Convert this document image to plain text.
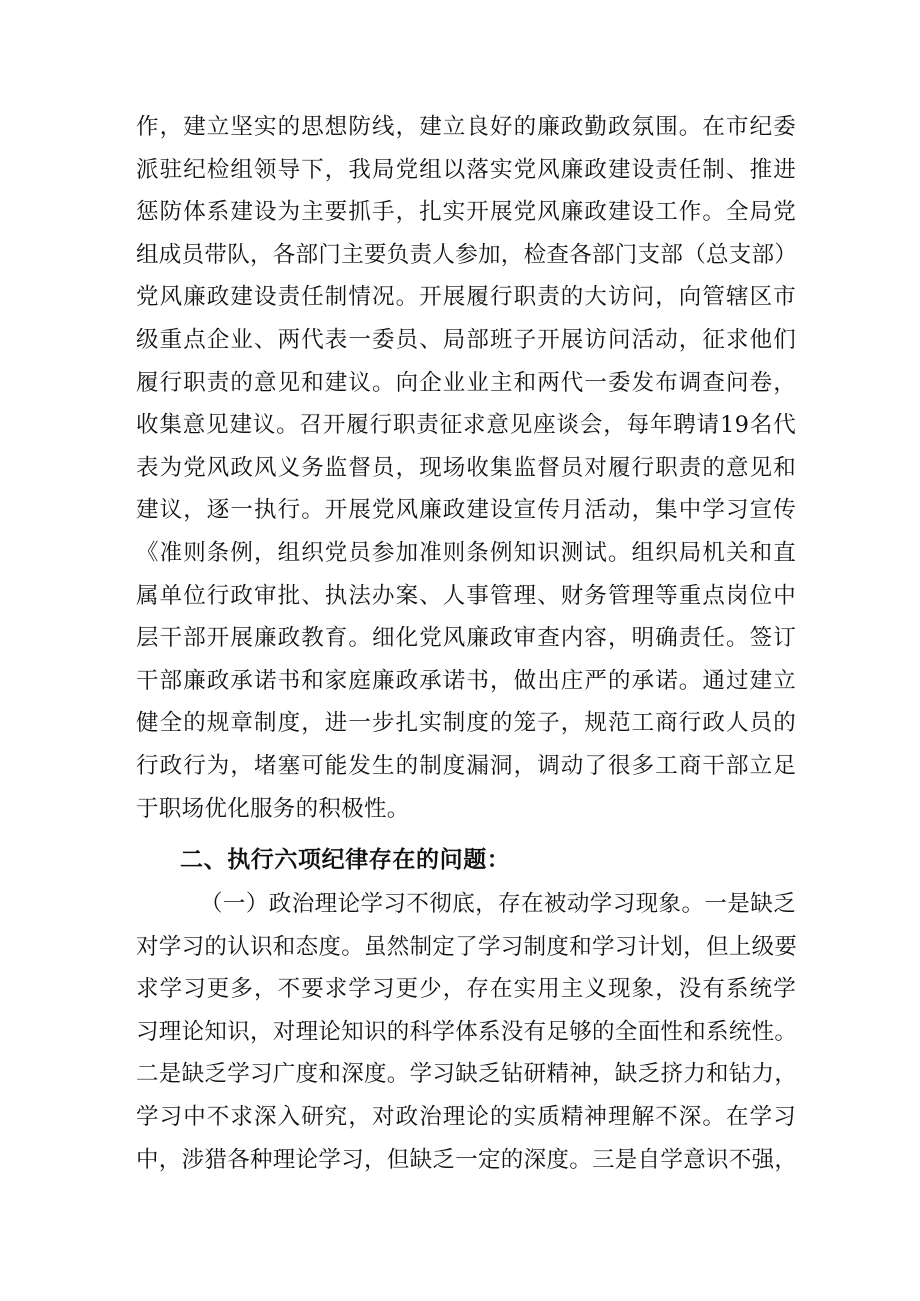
作，建立坚实的思想防线，建立良好的廉政勤政氛围。在市纪委
派驻纪检组领导下，我局党组以落实党风廉政建设责任制、推进
惩防体系建设为主要抓手，扎实开展党风廉政建设工作。全局党
组成员带队，各部门主要负责人参加，检查各部门支部（总支部）
党风廉政建设责任制情况。开展履行职责的大访问，向管辖区市
级重点企业、两代表一委员、局部班子开展访问活动，征求他们
履行职责的意见和建议。向企业业主和两代一委发布调查问卷，
收集意见建议。召开履行职责征求意见座谈会，每年聘请19名代
表为党风政风义务监督员，现场收集监督员对履行职责的意见和
建议，逐一执行。开展党风廉政建设宣传月活动，集中学习宣传
《准则条例，组织党员参加准则条例知识测试。组织局机关和直
属单位行政审批、执法办案、人事管理、财务管理等重点岗位中
层干部开展廉政教育。细化党风廉政审查内容，明确责任。签订
干部廉政承诺书和家庭廉政承诺书，做出庄严的承诺。通过建立
健全的规章制度，进一步扎实制度的笼子，规范工商行政人员的
行政行为，堵塞可能发生的制度漏洞，调动了很多工商干部立足
于职场优化服务的积极性。
二、执行六项纪律存在的问题：
（一）政治理论学习不彻底，存在被动学习现象。一是缺乏
对学习的认识和态度。虽然制定了学习制度和学习计划，但上级要
求学习更多，不要求学习更少，存在实用主义现象，没有系统学
习理论知识，对理论知识的科学体系没有足够的全面性和系统性。
二是缺乏学习广度和深度。学习缺乏钻研精神，缺乏挤力和钻力，
学习中不求深入研究，对政治理论的实质精神理解不深。在学习
中，涉猎各种理论学习，但缺乏一定的深度。三是自学意识不强，
